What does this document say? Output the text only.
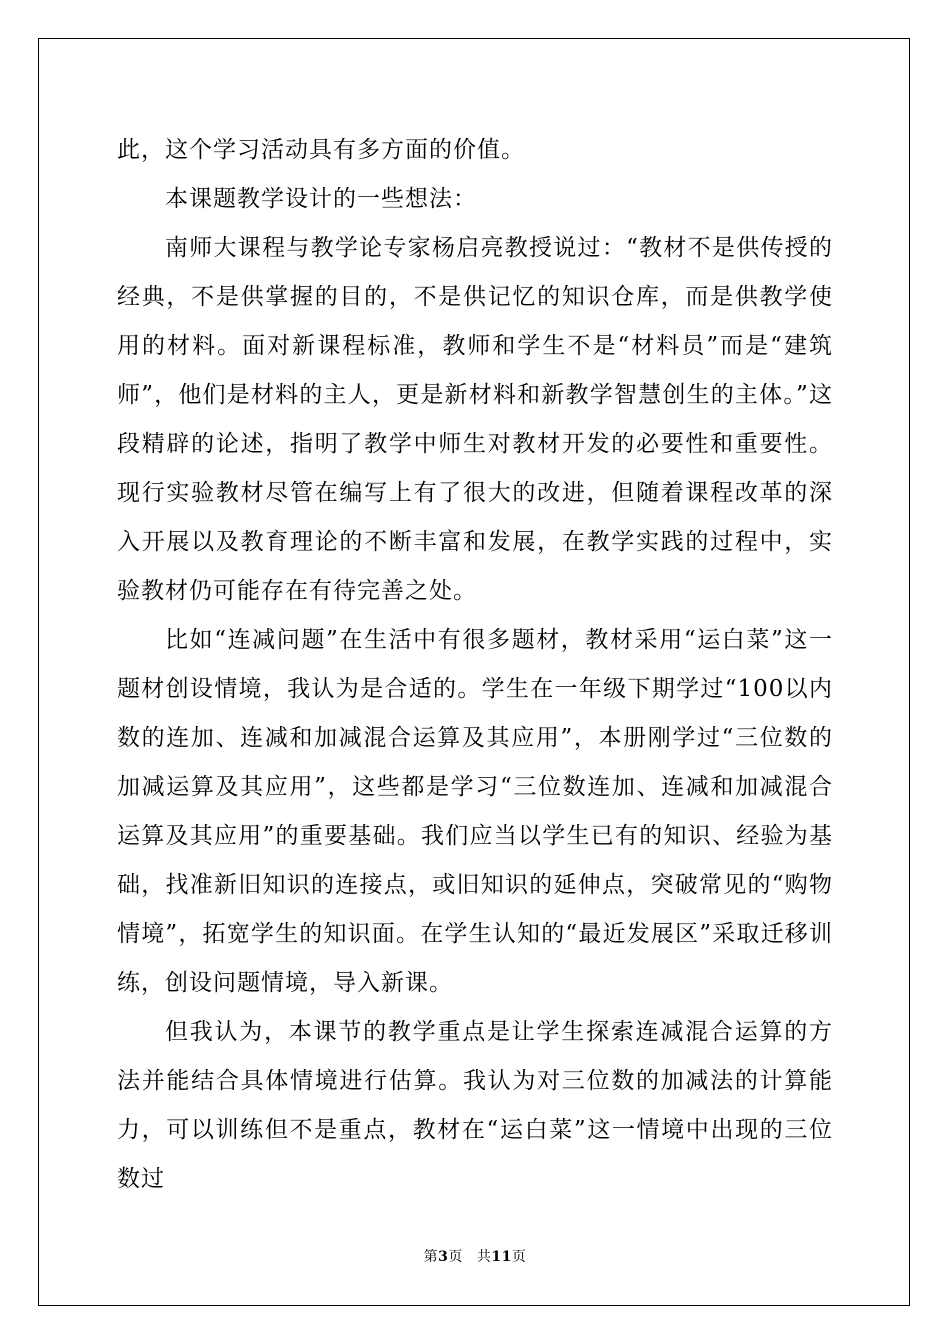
此，这个学习活动具有多方面的价值。

本课题教学设计的一些想法：

南师大课程与教学论专家杨启亮教授说过：“教材不是供传授的经典，不是供掌握的目的，不是供记忆的知识仓库，而是供教学使用的材料。面对新课程标准，教师和学生不是“材料员”而是“建筑师”，他们是材料的主人，更是新材料和新教学智慧创生的主体。”这段精辟的论述，指明了教学中师生对教材开发的必要性和重要性。现行实验教材尽管在编写上有了很大的改进，但随着课程改革的深入开展以及教育理论的不断丰富和发展，在教学实践的过程中，实验教材仍可能存在有待完善之处。

比如“连减问题”在生活中有很多题材，教材采用“运白菜”这一题材创设情境，我认为是合适的。学生在一年级下期学过“100以内数的连加、连减和加减混合运算及其应用”，本册刚学过“三位数的加减运算及其应用”，这些都是学习“三位数连加、连减和加减混合运算及其应用”的重要基础。我们应当以学生已有的知识、经验为基础，找准新旧知识的连接点，或旧知识的延伸点，突破常见的“购物情境”，拓宽学生的知识面。在学生认知的“最近发展区”采取迁移训练，创设问题情境，导入新课。

但我认为，本课节的教学重点是让学生探索连减混合运算的方法并能结合具体情境进行估算。我认为对三位数的加减法的计算能力，可以训练但不是重点，教材在“运白菜”这一情境中出现的三位数过

第3页 共11页
